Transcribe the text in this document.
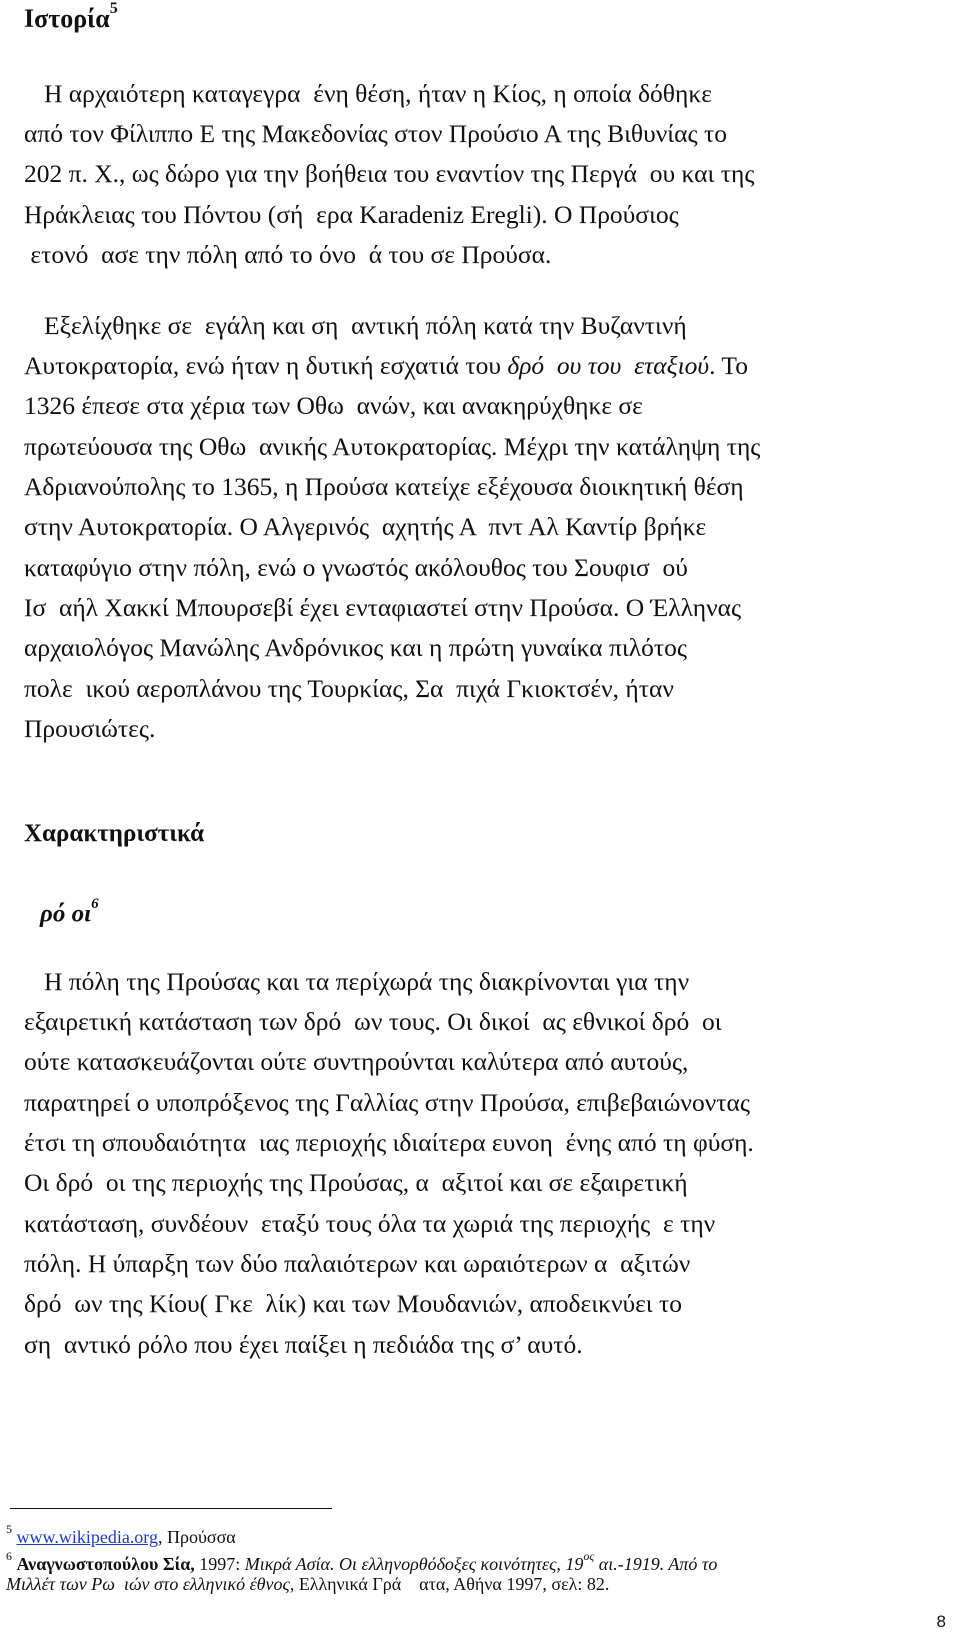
Ιστορία$^5$
Η αρχαιότερη καταγεγρα  ένη θέση, ήταν η Κίος, η οποία δόθηκε
από τον Φίλιππο Ε της Μακεδονίας στον Προύσιο Α της Βιθυνίας το
202 π. Χ., ως δώρο για την βοήθεια του εναντίον της Περγά  ου και της
Ηράκλειας του Πόντου (σή  ερα Karadeniz Eregli). Ο Προύσιος
ετονό  ασε την πόλη από το όνο  ά του σε Προύσα.
Εξελίχθηκε σε  εγάλη και ση  αντική πόλη κατά την Βυζαντινή
Αυτοκρατορία, ενώ ήταν η δυτική εσχατιά του δρό  ου του  εταξιού. Το
1326 έπεσε στα χέρια των Οθω  ανών, και ανακηρύχθηκε σε
πρωτεύουσα της Οθω  ανικής Αυτοκρατορίας. Μέχρι την κατάληψη της
Αδριανούπολης το 1365, η Προύσα κατείχε εξέχουσα διοικητική θέση
στην Αυτοκρατορία. Ο Αλγερινός  αχητής Α  πντ Αλ Καντίρ βρήκε
καταφύγιο στην πόλη, ενώ ο γνωστός ακόλουθος του Σουφισ  ού
Ισ  αήλ Χακκί Μπουρσεβί έχει ενταφιαστεί στην Προύσα. Ο Έλληνας
αρχαιολόγος Μανώλης Ανδρόνικος και η πρώτη γυναίκα πιλότος
πολε  ικού αεροπλάνου της Τουρκίας, Σα  πιχά Γκιοκτσέν, ήταν
Προυσιώτες.
Χαρακτηριστικά
ρό $o\iota^6$
Η πόλη της Προύσας και τα περίχωρά της διακρίνονται για την
εξαιρετική κατάσταση των δρό  ων τους. Οι δικοί  ας εθνικοί δρό  οι
ούτε κατασκευάζονται ούτε συντηρούνται καλύτερα από αυτούς,
παρατηρεί ο υποπρόξενος της Γαλλίας στην Προύσα, επιβεβαιώνοντας
έτσι τη σπουδαιότητα  ιας περιοχής ιδιαίτερα ευνοη  ένης από τη φύση.
Οι δρό  οι της περιοχής της Προύσας, α  αξιτοί και σε εξαιρετική
κατάσταση, συνδέουν  εταξύ τους όλα τα χωριά της περιοχής  ε την
πόλη. Η ύπαρξη των δύο παλαιότερων και ωραιότερων α  αξιτών
δρό  ων της Κίου( Γκε  λίκ) και των Μουδανιών, αποδεικνύει το
ση  αντικό ρόλο που έχει παίξει η πεδιάδα της σ’ αυτό.
$^5$ www.wikipedia.org, Προύσσα
$^6$ Αναγνωστοπούλου Σία, 1997: Μικρά Ασία. Οι ελληνορθόδοξες κοινότητες, $19^{o\varsigma}$ αι.-1919. Από το
Μιλλέτ των Ρω  ιών στο ελληνικό έθνος, Ελληνικά Γρά    ατα, Αθήνα 1997, σελ: 82.
8
